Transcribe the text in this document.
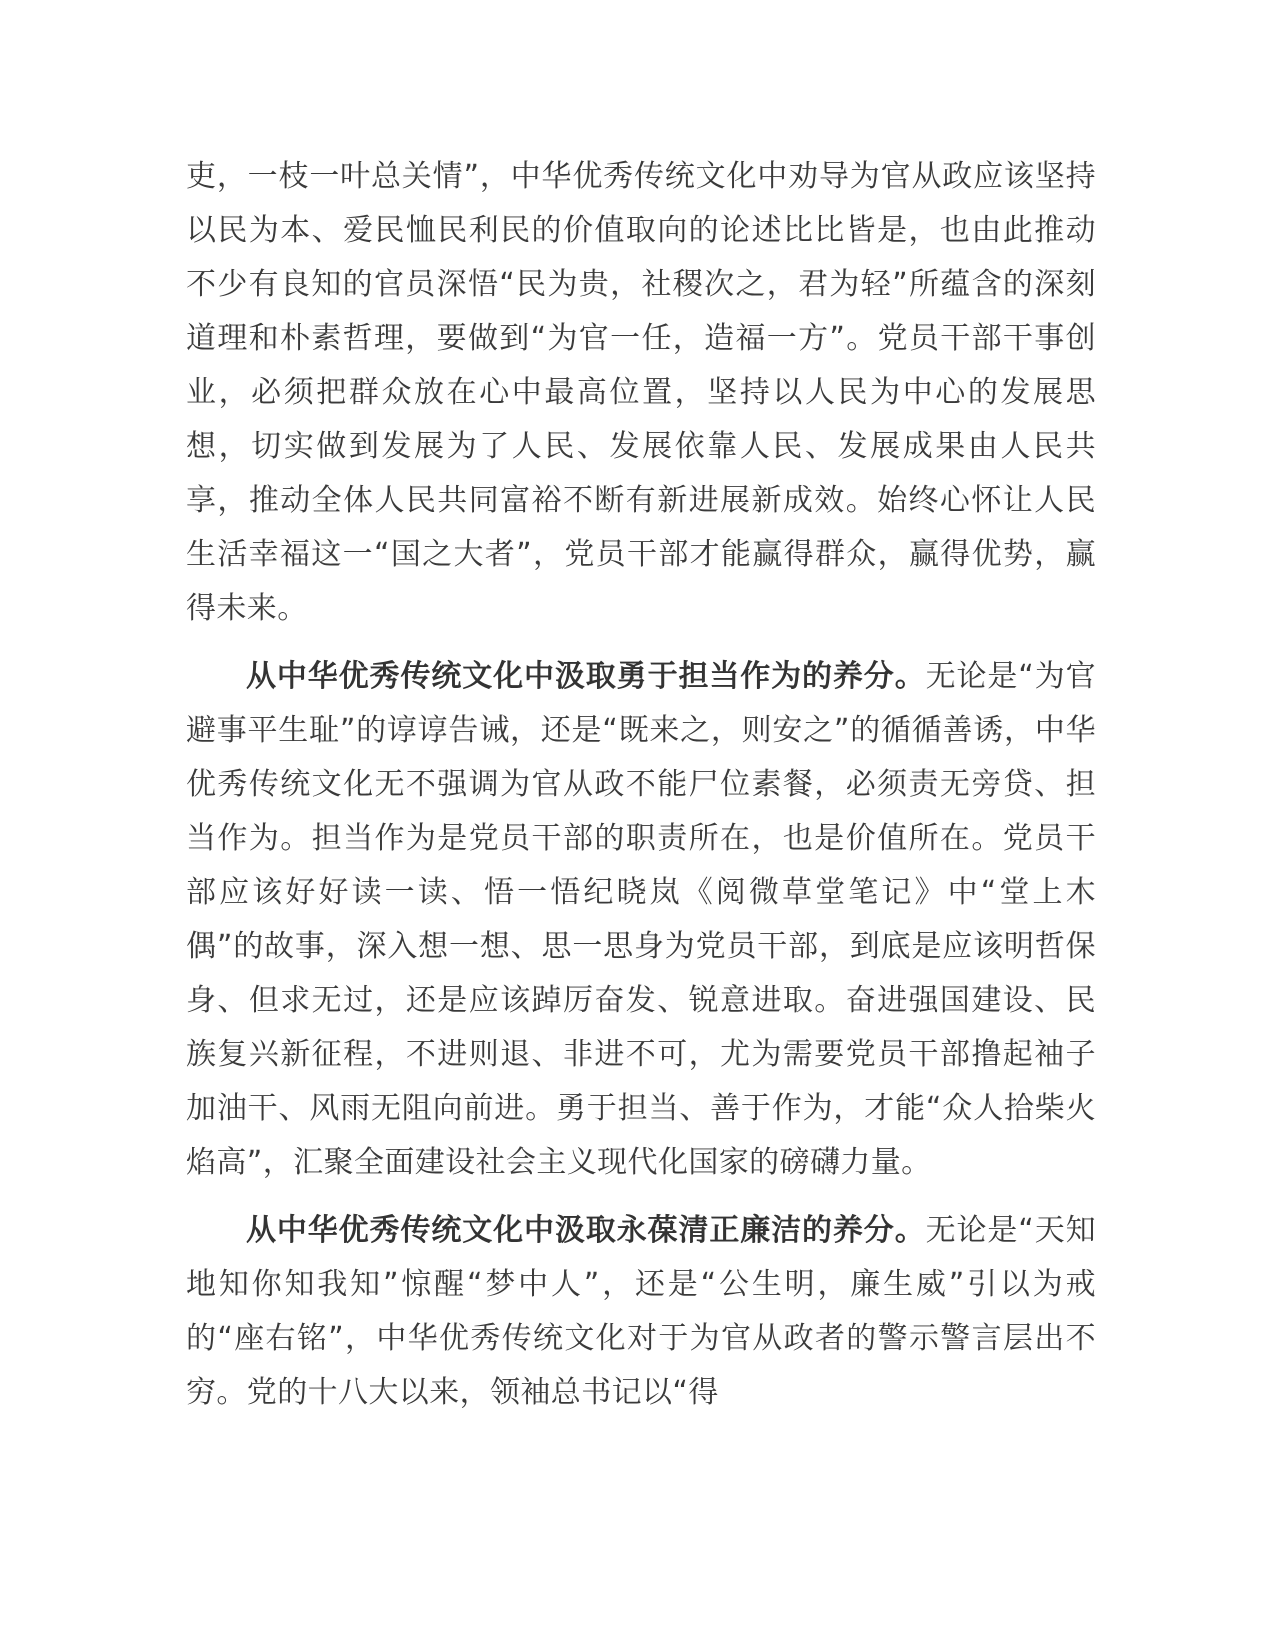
吏，一枝一叶总关情”，中华优秀传统文化中劝导为官从政应该坚持以民为本、爱民恤民利民的价值取向的论述比比皆是，也由此推动不少有良知的官员深悟“民为贵，社稷次之，君为轻”所蕴含的深刻道理和朴素哲理，要做到“为官一任，造福一方”。党员干部干事创业，必须把群众放在心中最高位置，坚持以人民为中心的发展思想，切实做到发展为了人民、发展依靠人民、发展成果由人民共享，推动全体人民共同富裕不断有新进展新成效。始终心怀让人民生活幸福这一“国之大者”，党员干部才能赢得群众，赢得优势，赢得未来。

从中华优秀传统文化中汲取勇于担当作为的养分。无论是“为官避事平生耻”的谆谆告诫，还是“既来之，则安之”的循循善诱，中华优秀传统文化无不强调为官从政不能尸位素餐，必须责无旁贷、担当作为。担当作为是党员干部的职责所在，也是价值所在。党员干部应该好好读一读、悟一悟纪晓岚《阅微草堂笔记》中“堂上木偶”的故事，深入想一想、思一思身为党员干部，到底是应该明哲保身、但求无过，还是应该踔厉奋发、锐意进取。奋进强国建设、民族复兴新征程，不进则退、非进不可，尤为需要党员干部撸起袖子加油干、风雨无阻向前进。勇于担当、善于作为，才能“众人拾柴火焰高”，汇聚全面建设社会主义现代化国家的磅礴力量。

从中华优秀传统文化中汲取永葆清正廉洁的养分。无论是“天知地知你知我知”惊醒“梦中人”，还是“公生明，廉生威”引以为戒的“座右铭”，中华优秀传统文化对于为官从政者的警示警言层出不穷。党的十八大以来，领袖总书记以“得
